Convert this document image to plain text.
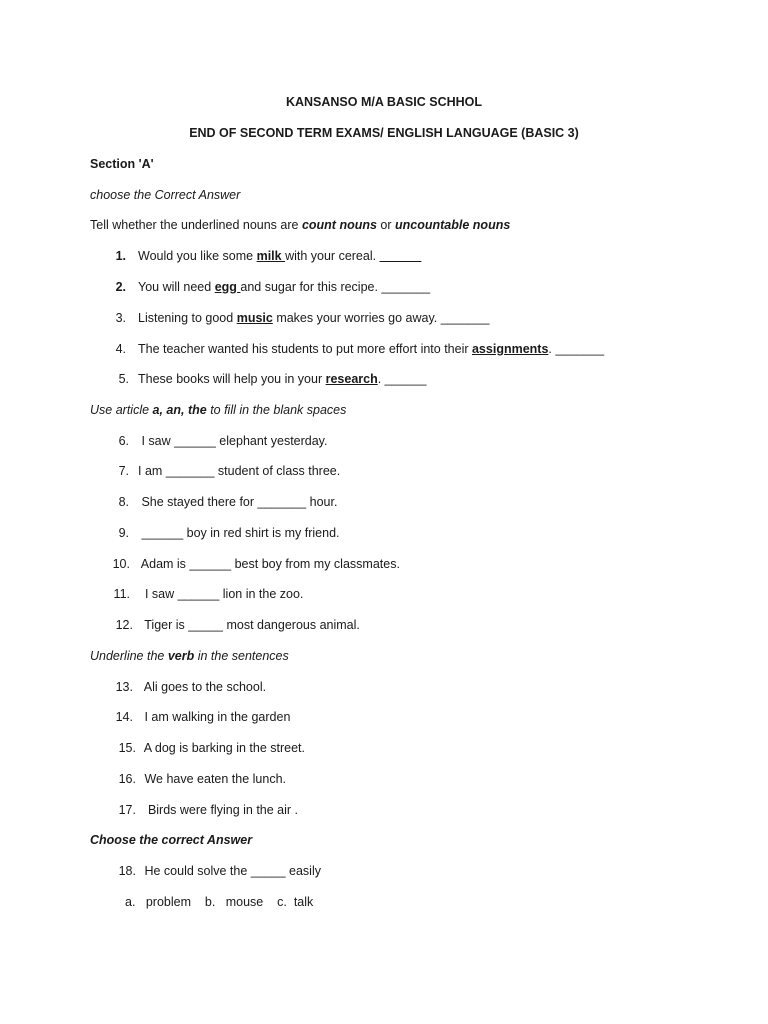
KANSANSO M/A BASIC SCHHOL
END OF SECOND TERM EXAMS/ ENGLISH LANGUAGE (BASIC 3)
Section 'A'
choose the Correct Answer
Tell whether the underlined nouns are count nouns or uncountable nouns
1. Would you like some milk with your cereal. ______
2. You will need egg and sugar for this recipe. _______
3. Listening to good music makes your worries go away. _______
4. The teacher wanted his students to put more effort into their assignments. _______
5. These books will help you in your research. ______
Use article a, an, the to fill in the blank spaces
6. I saw ______ elephant yesterday.
7. I am _______ student of class three.
8. She stayed there for _______ hour.
9. ______ boy in red shirt is my friend.
10. Adam is ______ best boy from my classmates.
11. I saw ______ lion in the zoo.
12. Tiger is _____ most dangerous animal.
Underline the verb in the sentences
13. Ali goes to the school.
14. I am walking in the garden
15. A dog is barking in the street.
16. We have eaten the lunch.
17. Birds were flying in the air .
Choose the correct Answer
18. He could solve the _____ easily
a.   problem    b.   mouse    c.  talk
